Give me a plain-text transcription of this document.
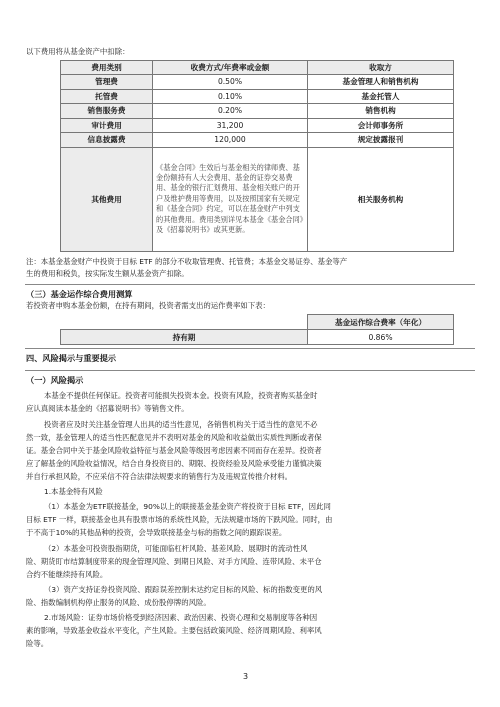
以下费用将从基金资产中扣除：
费用类别	收费方式/年费率或金额	收取方
管理费	0.50%	基金管理人和销售机构
托管费	0.10%	基金托管人
销售服务费	0.20%	销售机构
审计费用	31,200	会计师事务所
信息披露费	120,000	规定披露报刊
其他费用	《基金合同》生效后与基金相关的律师费、基金份额持有人大会费用、基金的证券交易费用、基金的银行汇划费用、基金相关账户的开户及维护费用等费用，以及按照国家有关规定和《基金合同》约定，可以在基金财产中列支的其他费用。费用类别详见本基金《基金合同》及《招募说明书》或其更新。	相关服务机构
注：本基金基金财产中投资于目标 ETF 的部分不收取管理费、托管费；本基金交易证券、基金等产
生的费用和税负，按实际发生额从基金资产扣除。
（三）基金运作综合费用测算
若投资者申购本基金份额，在持有期间，投资者需支出的运作费率如下表：
	基金运作综合费率（年化）
持有期	0.86%
四、风险揭示与重要提示
（一）风险揭示
本基金不提供任何保证。投资者可能损失投资本金。投资有风险，投资者购买基金时
应认真阅读本基金的《招募说明书》等销售文件。
投资者应及时关注基金管理人出具的适当性意见，各销售机构关于适当性的意见不必
然一致，基金管理人的适当性匹配意见并不表明对基金的风险和收益做出实质性判断或者保
证。基金合同中关于基金风险收益特征与基金风险等级因考虑因素不同而存在差异。投资者
应了解基金的风险收益情况，结合自身投资目的、期限、投资经验及风险承受能力谨慎决策
并自行承担风险，不应采信不符合法律法规要求的销售行为及违规宣传推介材料。
1.本基金特有风险
（1）本基金为ETF联接基金，90%以上的联接基金基金资产将投资于目标 ETF，因此同
目标 ETF 一样，联接基金也具有股票市场的系统性风险，无法规避市场的下跌风险。同时，由
于不高于10%的其他品种的投资，会导致联接基金与标的指数之间的跟踪误差。
（2）本基金可投资股指期货，可能面临杠杆风险、基差风险、展期时的流动性风
险、期货盯市结算制度带来的现金管理风险、到期日风险、对手方风险、连带风险、未平仓
合约不能继续持有风险。
（3）资产支持证券投资风险、跟踪误差控制未达约定目标的风险、标的指数变更的风
险、指数编制机构停止服务的风险、成份股停牌的风险。
2.市场风险：证券市场价格受到经济因素、政治因素、投资心理和交易制度等各种因
素的影响，导致基金收益水平变化，产生风险。主要包括政策风险、经济周期风险、利率风
险等。
3
